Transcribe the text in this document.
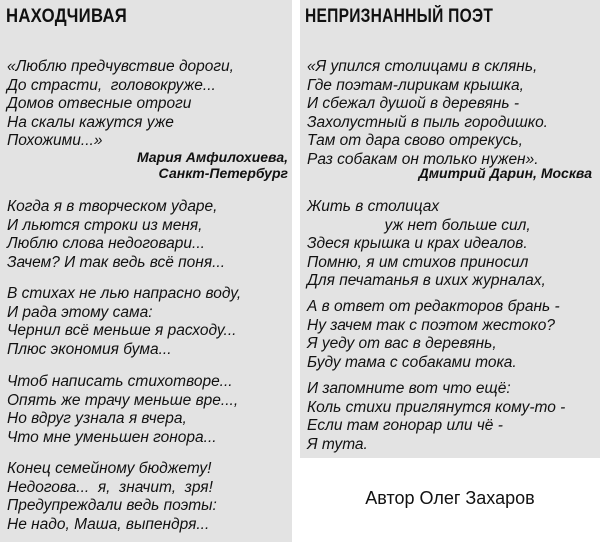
НАХОДЧИВАЯ
«Люблю предчувствие дороги,
До страсти,  головокруже...
Домов отвесные отроги
На скалы кажутся уже
Похожими...»
Мария Амфилохиева,
Санкт-Петербург
Когда я в творческом ударе,
И льются строки из меня,
Люблю слова недоговари...
Зачем? И так ведь всё поня...
В стихах не лью напрасно воду,
И рада этому сама:
Чернил всё меньше я расходу...
Плюс экономия бума...
Чтоб написать стихотворе...
Опять же трачу меньше вре...,
Но вдруг узнала я вчера,
Что мне уменьшен гонора...
Конец семейному бюджету!
Недогова...  я,  значит,  зря!
Предупреждали ведь поэты:
Не надо, Маша, выпендря...
НЕПРИЗНАННЫЙ ПОЭТ
«Я упился столицами в склянь,
Где поэтам-лирикам крышка,
И сбежал душой в деревянь -
Захолустный в пыль городишко.
Там от дара свово отрекусь,
Раз собакам он только нужен».
Дмитрий Дарин, Москва
Жить в столицах
уж нет больше сил,
Здеся крышка и крах идеалов.
Помню, я им стихов приносил
Для печатанья в ихих журналах,
А в ответ от редакторов брань -
Ну зачем так с поэтом жестоко?
Я уеду от вас в деревянь,
Буду тама с собаками тока.
И запомните вот что ещё:
Коль стихи приглянутся кому-то -
Если там гонорар или чё -
Я тута.
Автор Олег Захаров
